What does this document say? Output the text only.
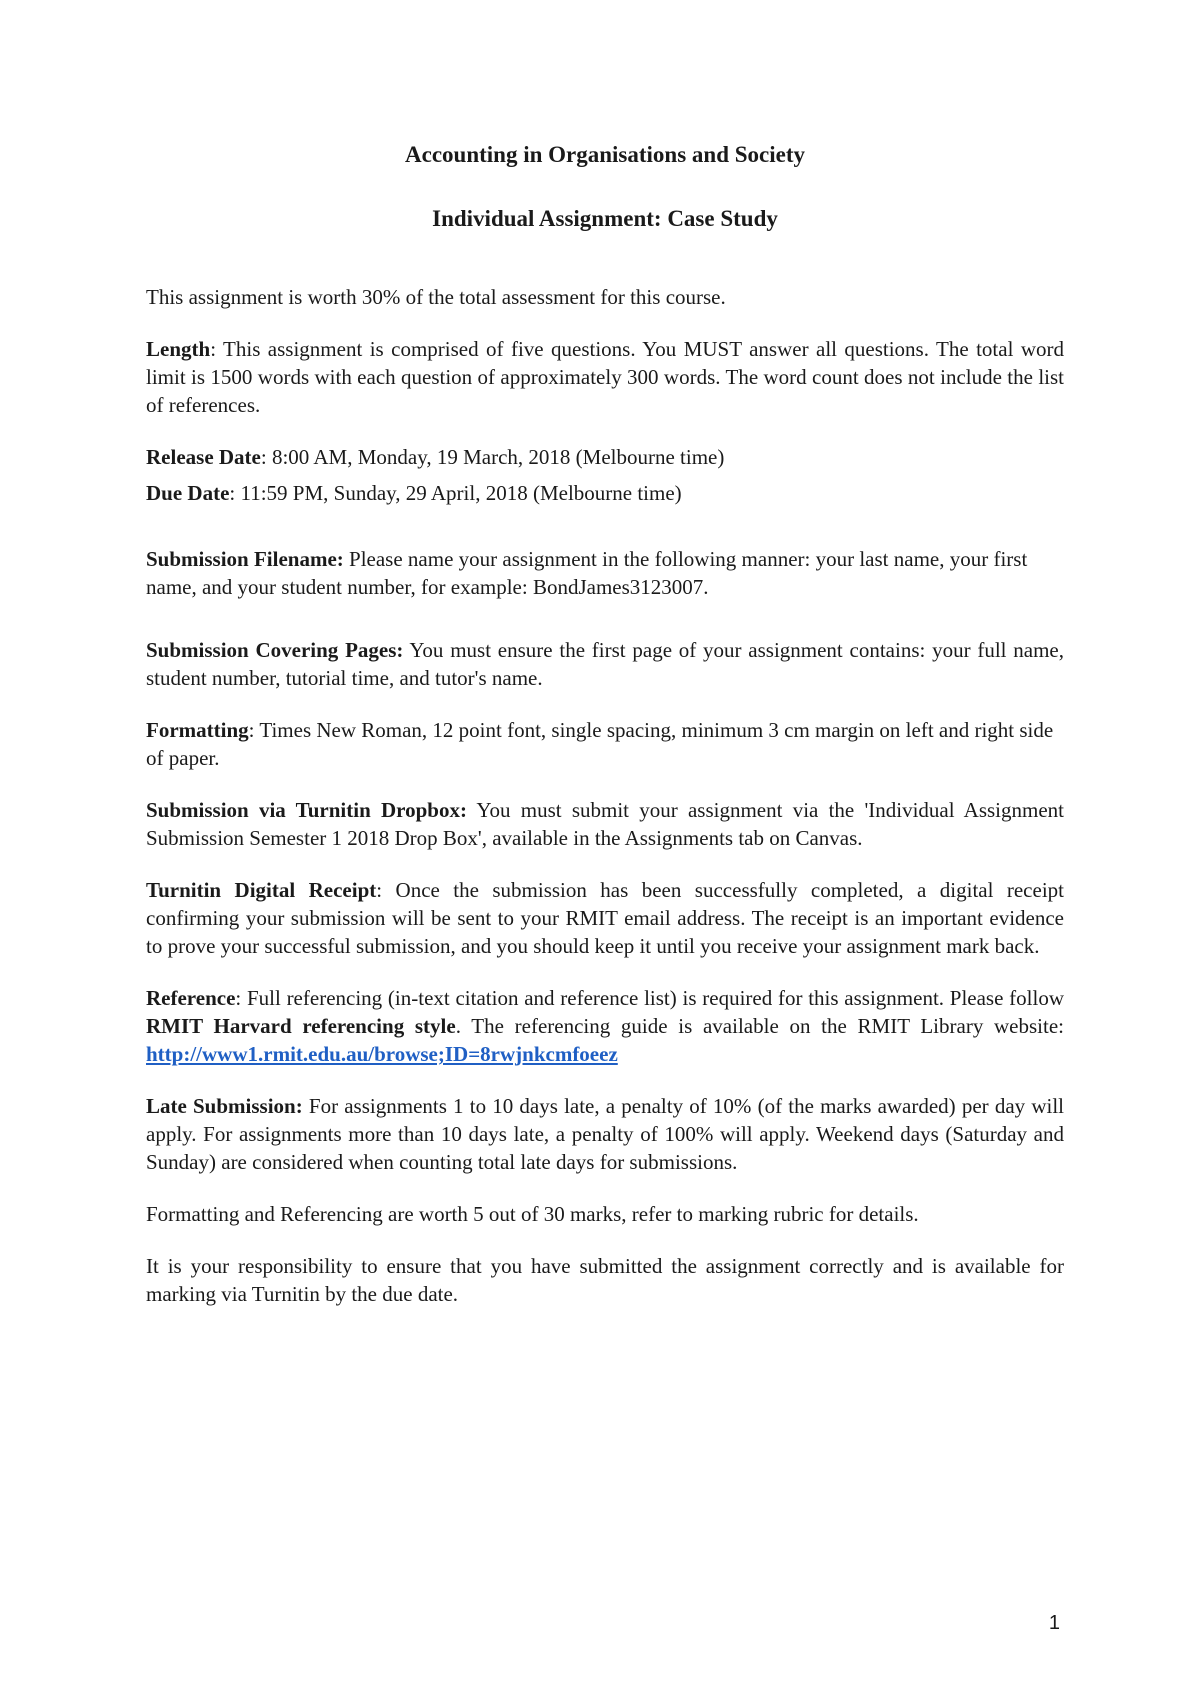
Accounting in Organisations and Society
Individual Assignment: Case Study

This assignment is worth 30% of the total assessment for this course.

Length: This assignment is comprised of five questions. You MUST answer all questions. The total word limit is 1500 words with each question of approximately 300 words. The word count does not include the list of references.

Release Date: 8:00 AM, Monday, 19 March, 2018 (Melbourne time)

Due Date: 11:59 PM, Sunday, 29 April, 2018 (Melbourne time)

Submission Filename: Please name your assignment in the following manner: your last name, your first name, and your student number, for example: BondJames3123007.

Submission Covering Pages: You must ensure the first page of your assignment contains: your full name, student number, tutorial time, and tutor's name.

Formatting: Times New Roman, 12 point font, single spacing, minimum 3 cm margin on left and right side of paper.

Submission via Turnitin Dropbox: You must submit your assignment via the 'Individual Assignment Submission Semester 1 2018 Drop Box', available in the Assignments tab on Canvas.

Turnitin Digital Receipt: Once the submission has been successfully completed, a digital receipt confirming your submission will be sent to your RMIT email address. The receipt is an important evidence to prove your successful submission, and you should keep it until you receive your assignment mark back.

Reference: Full referencing (in-text citation and reference list) is required for this assignment. Please follow RMIT Harvard referencing style. The referencing guide is available on the RMIT Library website: http://www1.rmit.edu.au/browse;ID=8rwjnkcmfoeez

Late Submission: For assignments 1 to 10 days late, a penalty of 10% (of the marks awarded) per day will apply. For assignments more than 10 days late, a penalty of 100% will apply. Weekend days (Saturday and Sunday) are considered when counting total late days for submissions.

Formatting and Referencing are worth 5 out of 30 marks, refer to marking rubric for details.

It is your responsibility to ensure that you have submitted the assignment correctly and is available for marking via Turnitin by the due date.

1
